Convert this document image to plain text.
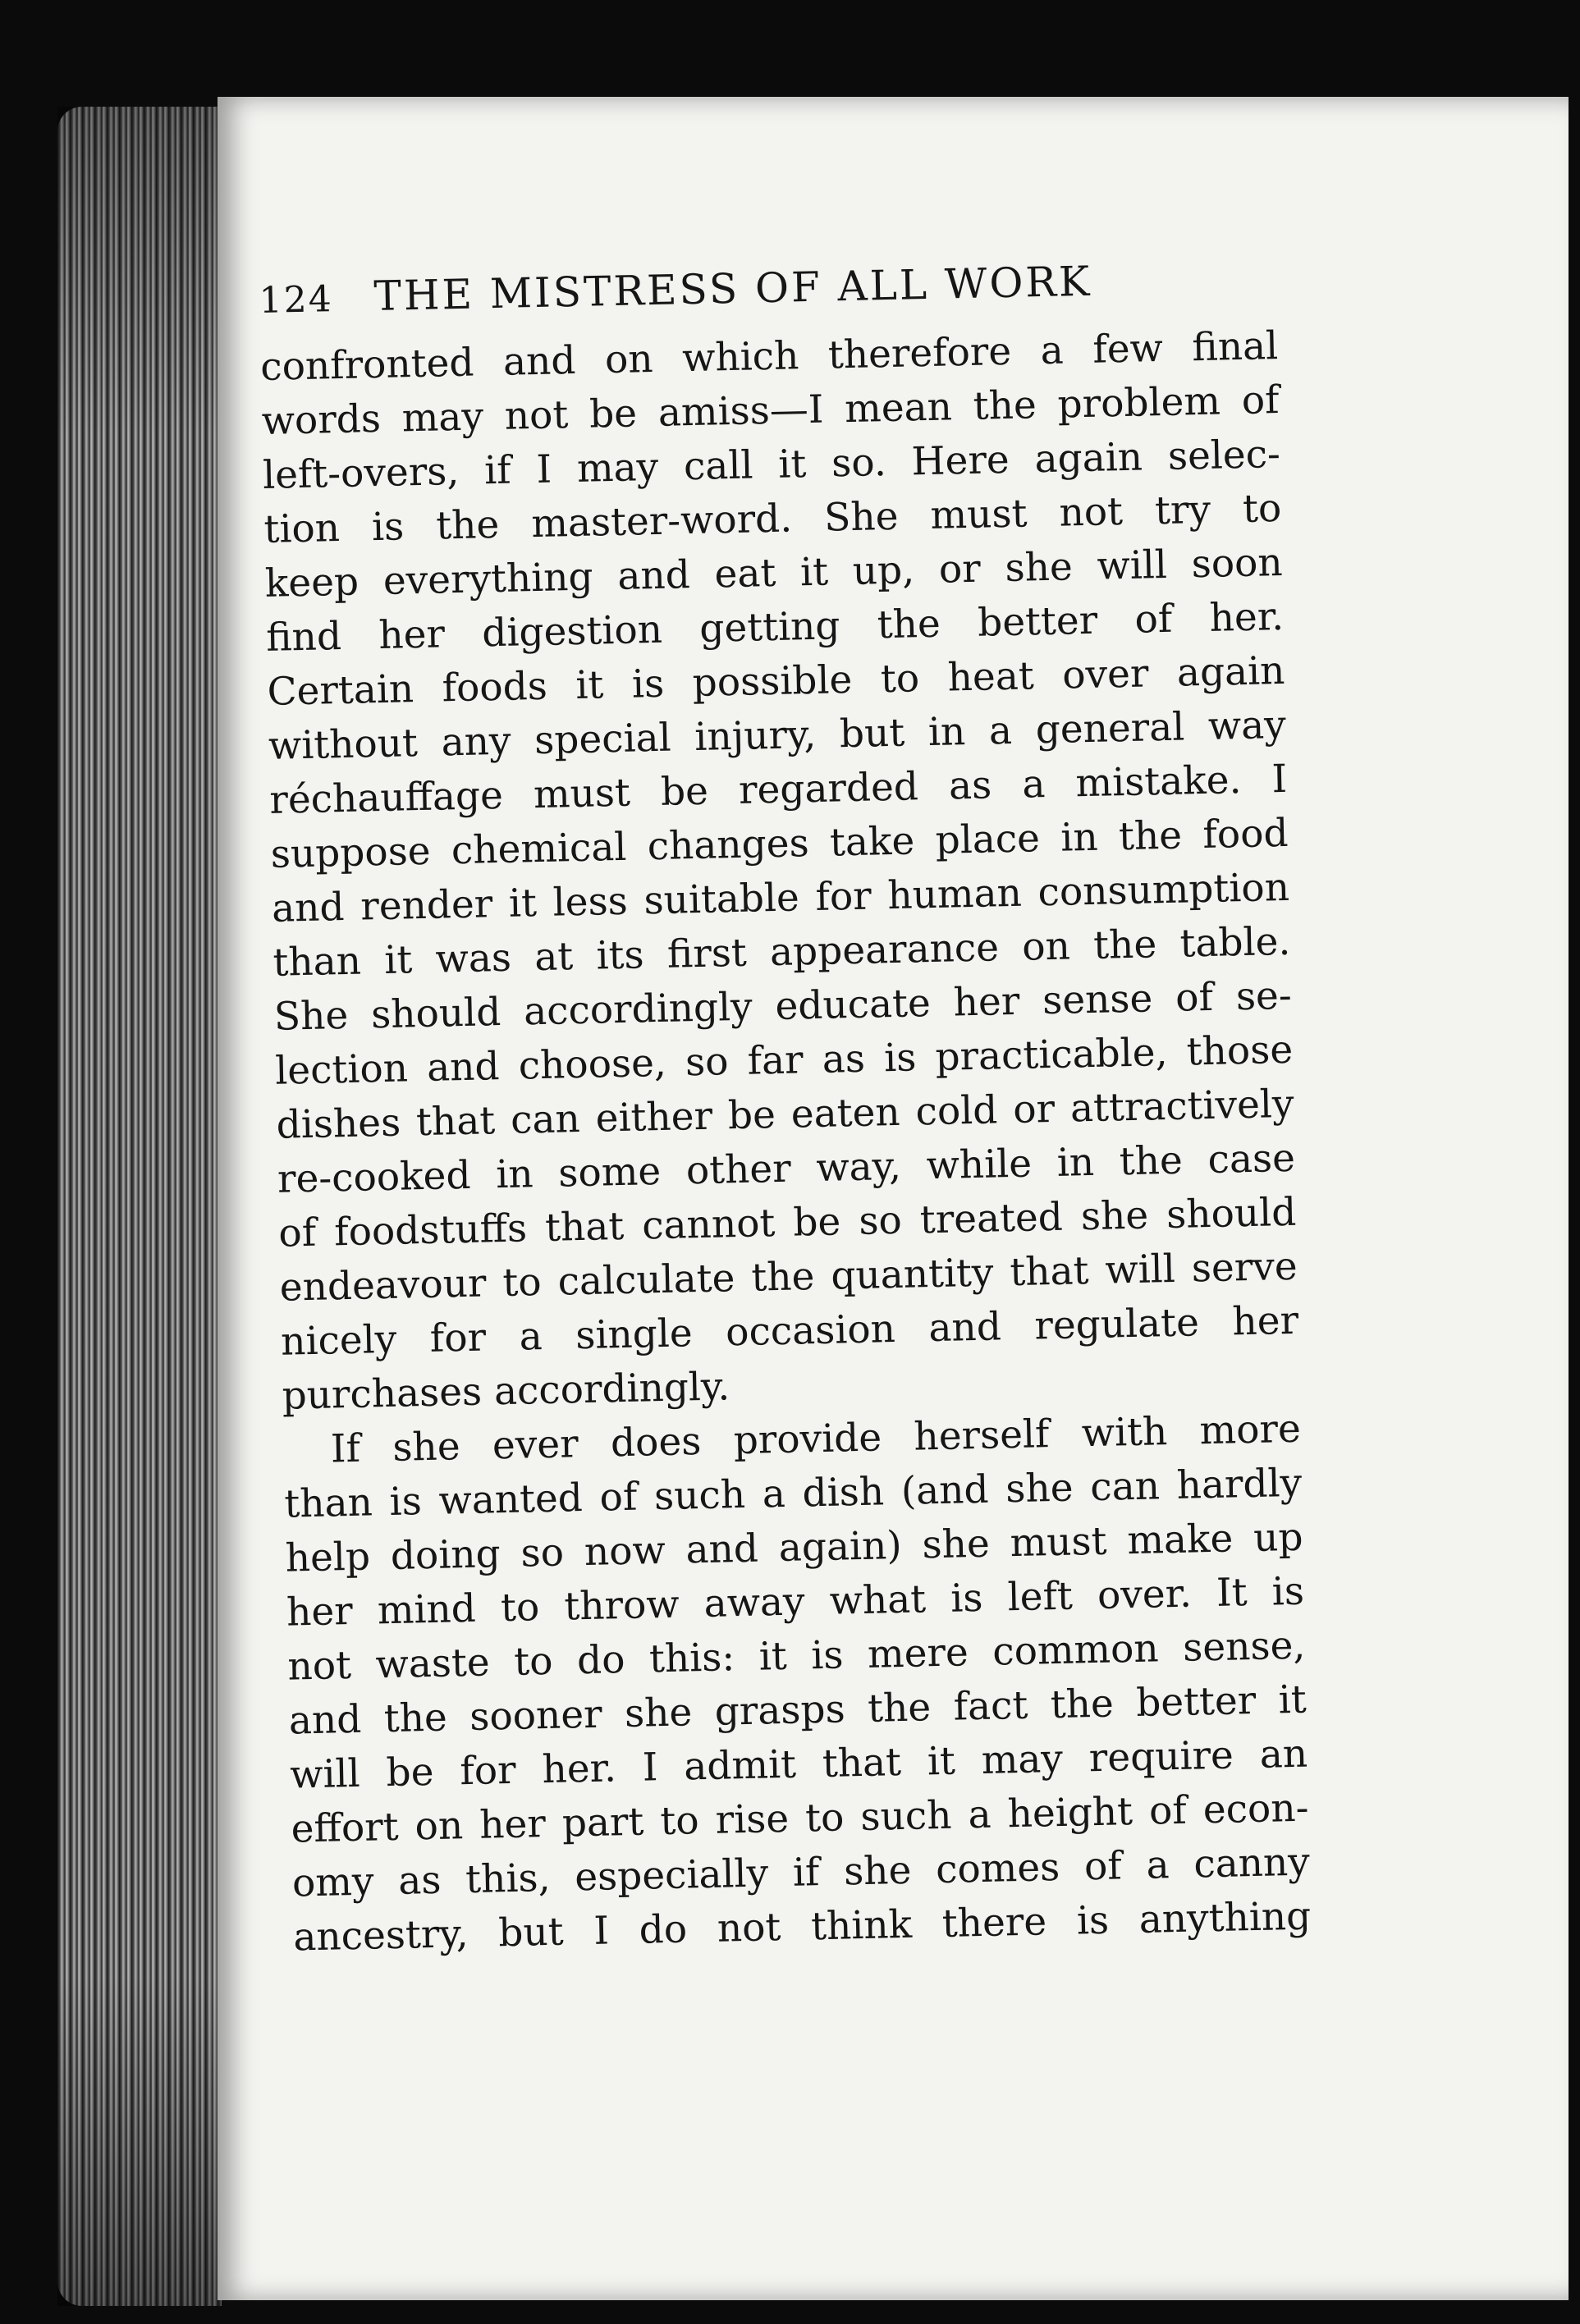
124 THE MISTRESS OF ALL WORK
confronted and on which therefore a few final
words may not be amiss—I mean the problem of
left-overs, if I may call it so. Here again selec-
tion is the master-word. She must not try to
keep everything and eat it up, or she will soon
find her digestion getting the better of her.
Certain foods it is possible to heat over again
without any special injury, but in a general way
réchauffage must be regarded as a mistake. I
suppose chemical changes take place in the food
and render it less suitable for human consumption
than it was at its first appearance on the table.
She should accordingly educate her sense of se-
lection and choose, so far as is practicable, those
dishes that can either be eaten cold or attractively
re-cooked in some other way, while in the case
of foodstuffs that cannot be so treated she should
endeavour to calculate the quantity that will serve
nicely for a single occasion and regulate her
purchases accordingly.
If she ever does provide herself with more
than is wanted of such a dish (and she can hardly
help doing so now and again) she must make up
her mind to throw away what is left over. It is
not waste to do this: it is mere common sense,
and the sooner she grasps the fact the better it
will be for her. I admit that it may require an
effort on her part to rise to such a height of econ-
omy as this, especially if she comes of a canny
ancestry, but I do not think there is anything
